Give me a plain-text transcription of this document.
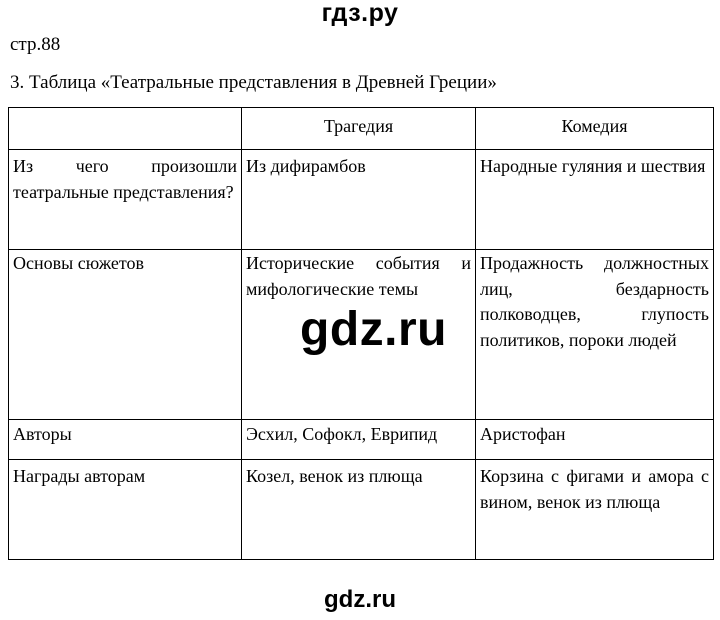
гдз.ру
стр.88
3. Таблица «Театральные представления в Древней Греции»
	Трагедия	Комедия
Из чего произошли театральные представления?	Из дифирамбов	Народные гуляния и шествия
Основы сюжетов	Исторические события и мифологические темы	Продажность должностных лиц, бездарность полководцев, глупость политиков, пороки людей
Авторы	Эсхил, Софокл, Еврипид	Аристофан
Награды авторам	Козел, венок из плюща	Корзина с фигами и амора с вином, венок из плюща
gdz.ru
gdz.ru
